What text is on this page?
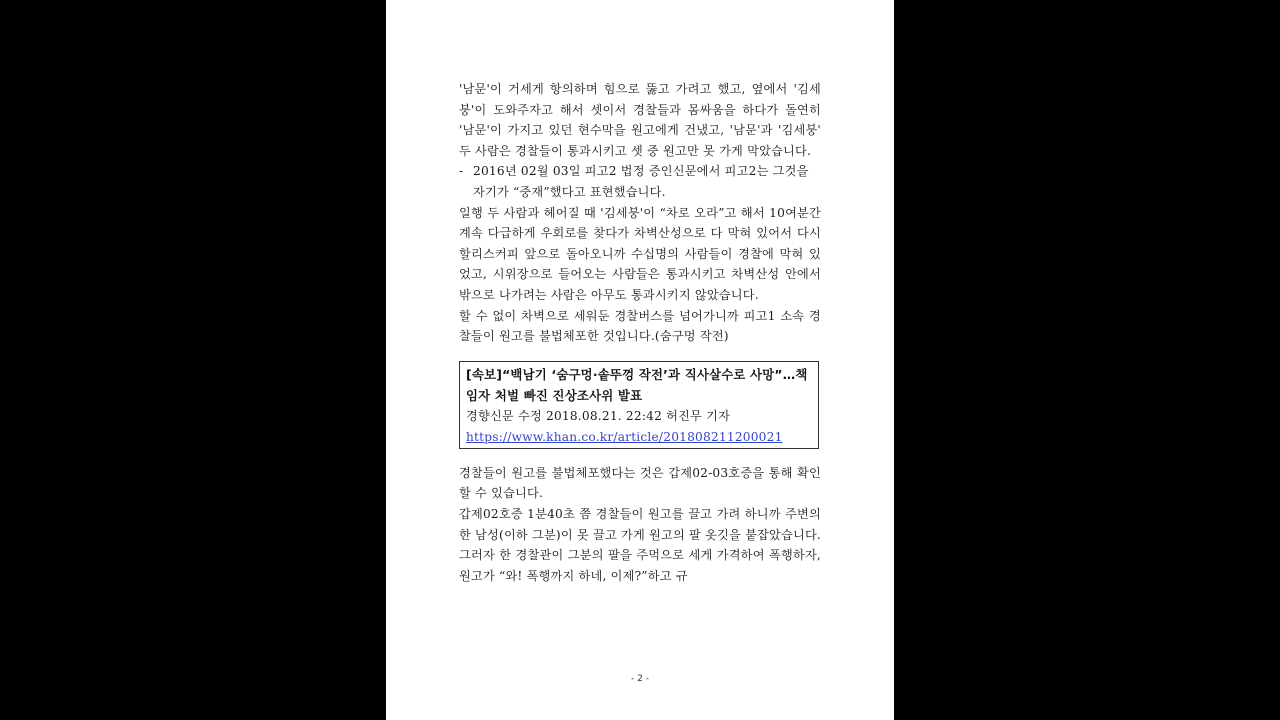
'남문'이 거세게 항의하며 힘으로 뚫고 가려고 했고, 옆에서 '김세붕'이 도와주자고 해서 셋이서 경찰들과 몸싸움을 하다가 돌연히 '남문'이 가지고 있던 현수막을 원고에게 건냈고, '남문'과 '김세붕' 두 사람은 경찰들이 통과시키고 셋 중 원고만 못 가게 막았습니다.

- 2016년 02월 03일 피고2 법정 증인신문에서 피고2는 그것을 자기가 “중재”했다고 표현했습니다.

일행 두 사람과 헤어질 때 '김세붕'이 “차로 오라”고 해서 10여분간 계속 다급하게 우회로를 찾다가 차벽산성으로 다 막혀 있어서 다시 할리스커피 앞으로 돌아오니까 수십명의 사람들이 경찰에 막혀 있었고, 시위장으로 들어오는 사람들은 통과시키고 차벽산성 안에서 밖으로 나가려는 사람은 아무도 통과시키지 않았습니다.

할 수 없이 차벽으로 세워둔 경찰버스를 넘어가니까 피고1 소속 경찰들이 원고를 불법체포한 것입니다.(숨구멍 작전)

[속보]“백남기 ‘숨구멍·솥뚜껑 작전’과 직사살수로 사망”…책임자 처벌 빠진 진상조사위 발표
경향신문 수정 2018.08.21. 22:42 허진무 기자
https://www.khan.co.kr/article/201808211200021

경찰들이 원고를 불법체포했다는 것은 갑제02-03호증을 통해 확인할 수 있습니다.

갑제02호증 1분40초 쯤 경찰들이 원고를 끌고 가려 하니까 주변의 한 남성(이하 그분)이 못 끌고 가게 원고의 팔 옷깃을 붙잡았습니다. 그러자 한 경찰관이 그분의 팔을 주먹으로 세게 가격하여 폭행하자, 원고가 “와! 폭행까지 하네, 이제?”하고 규

- 2 -
